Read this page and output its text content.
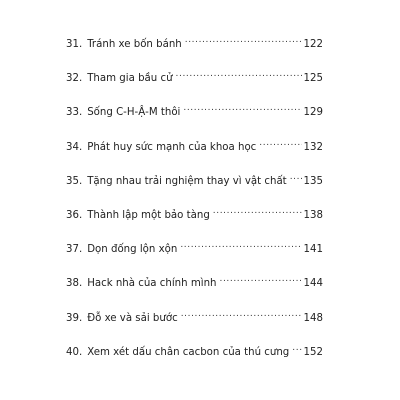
31. Tránh xe bốn bánh .....	122
32. Tham gia bầu cử .....	125
33. Sống C-H-Ậ-M thôi .....	129
34. Phát huy sức mạnh của khoa học .....	132
35. Tặng nhau trải nghiệm thay vì vật chất ..... 135
36. Thành lập một bảo tàng .....	138
37. Dọn đống lộn xộn .....	141
38. Hack nhà của chính mình .....	144
39. Đỗ xe và sải bước .....	148
40. Xem xét dấu chân cacbon của thú cưng ..... 152
